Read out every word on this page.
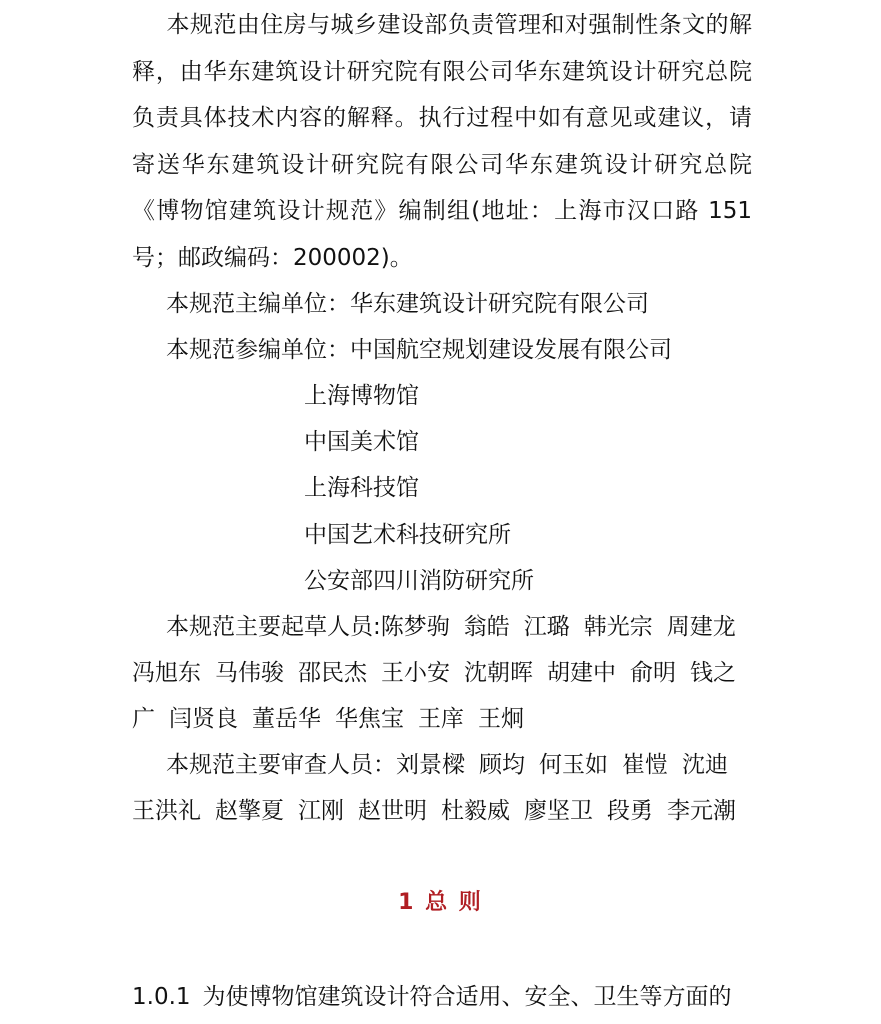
本规范由住房与城乡建设部负责管理和对强制性条文的解释，由华东建筑设计研究院有限公司华东建筑设计研究总院负责具体技术内容的解释。执行过程中如有意见或建议，请寄送华东建筑设计研究院有限公司华东建筑设计研究总院《博物馆建筑设计规范》编制组(地址：上海市汉口路 151号；邮政编码：200002)。

本规范主编单位：华东建筑设计研究院有限公司
本规范参编单位：中国航空规划建设发展有限公司
上海博物馆
中国美术馆
上海科技馆
中国艺术科技研究所
公安部四川消防研究所
本规范主要起草人员:陈梦驹 翁皓 江璐 韩光宗 周建龙
冯旭东 马伟骏 邵民杰 王小安 沈朝晖 胡建中 俞明 钱之
广 闫贤良 董岳华 华焦宝 王庠 王炯
本规范主要审查人员：刘景樑 顾均 何玉如 崔愷 沈迪
王洪礼 赵擎夏 江刚 赵世明 杜毅威 廖坚卫 段勇 李元潮
1 总 则
1.0.1 为使博物馆建筑设计符合适用、安全、卫生等方面的
